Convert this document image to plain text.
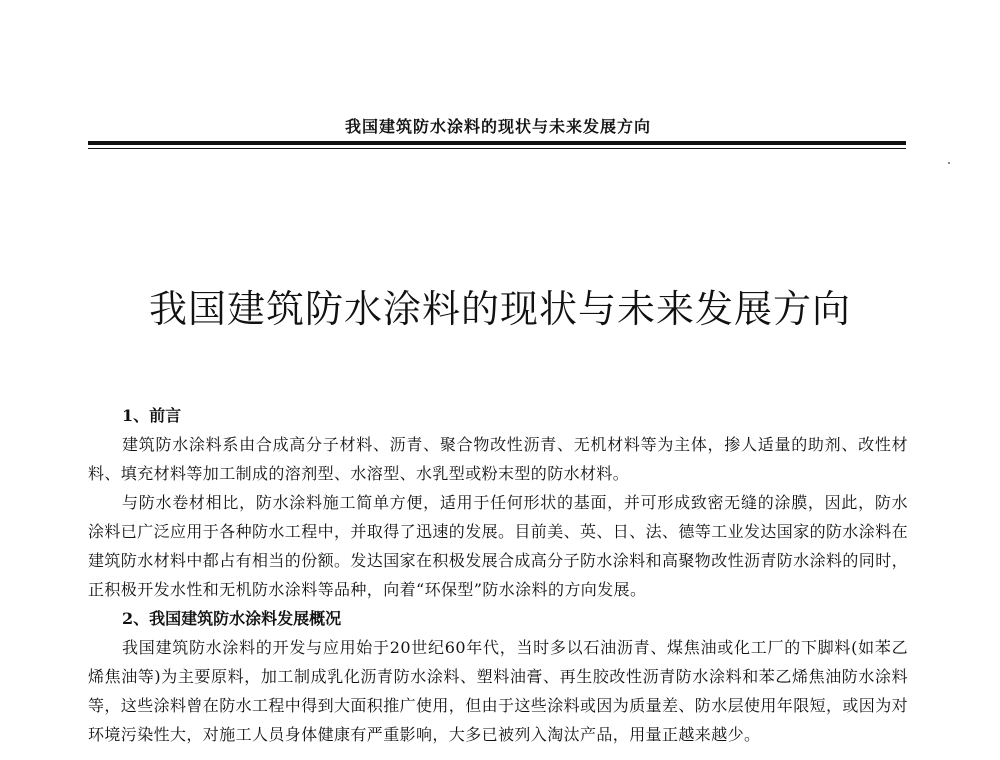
我国建筑防水涂料的现状与未来发展方向
我国建筑防水涂料的现状与未来发展方向
1、前言

建筑防水涂料系由合成高分子材料、沥青、聚合物改性沥青、无机材料等为主体，掺人适量的助剂、改性材料、填充材料等加工制成的溶剂型、水溶型、水乳型或粉末型的防水材料。

与防水卷材相比，防水涂料施工简单方便，适用于任何形状的基面，并可形成致密无缝的涂膜，因此，防水涂料已广泛应用于各种防水工程中，并取得了迅速的发展。目前美、英、日、法、德等工业发达国家的防水涂料在建筑防水材料中都占有相当的份额。发达国家在积极发展合成高分子防水涂料和高聚物改性沥青防水涂料的同时，正积极开发水性和无机防水涂料等品种，向着“环保型”防水涂料的方向发展。

2、我国建筑防水涂料发展概况

我国建筑防水涂料的开发与应用始于20世纪60年代，当时多以石油沥青、煤焦油或化工厂的下脚料(如苯乙烯焦油等)为主要原料，加工制成乳化沥青防水涂料、塑料油膏、再生胶改性沥青防水涂料和苯乙烯焦油防水涂料等，这些涂料曾在防水工程中得到大面积推广使用，但由于这些涂料或因为质量差、防水层使用年限短，或因为对环境污染性大，对施工人员身体健康有严重影响，大多已被列入淘汰产品，用量正越来越少。
